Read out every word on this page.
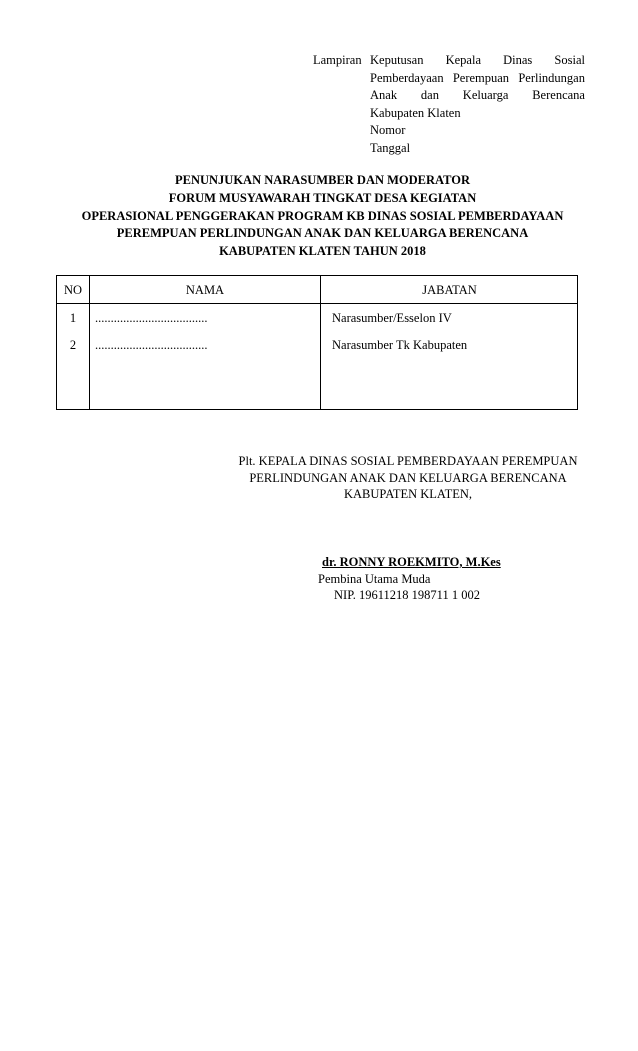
Lampiran Keputusan Kepala Dinas Sosial
Pemberdayaan Perempuan Perlindungan
Anak dan Keluarga Berencana
Kabupaten Klaten
Nomor
Tanggal
PENUNJUKAN NARASUMBER DAN MODERATOR
FORUM MUSYAWARAH TINGKAT DESA KEGIATAN
OPERASIONAL PENGGERAKAN PROGRAM KB DINAS SOSIAL PEMBERDAYAAN
PEREMPUAN PERLINDUNGAN ANAK DAN KELUARGA BERENCANA
KABUPATEN KLATEN TAHUN 2018
NO	NAMA	JABATAN
1	....................................	Narasumber/Esselon IV
2	....................................	Narasumber Tk Kabupaten
Plt. KEPALA DINAS SOSIAL PEMBERDAYAAN PEREMPUAN
PERLINDUNGAN ANAK DAN KELUARGA BERENCANA
KABUPATEN KLATEN,
dr. RONNY ROEKMITO, M.Kes
Pembina Utama Muda
NIP. 19611218 198711 1 002
